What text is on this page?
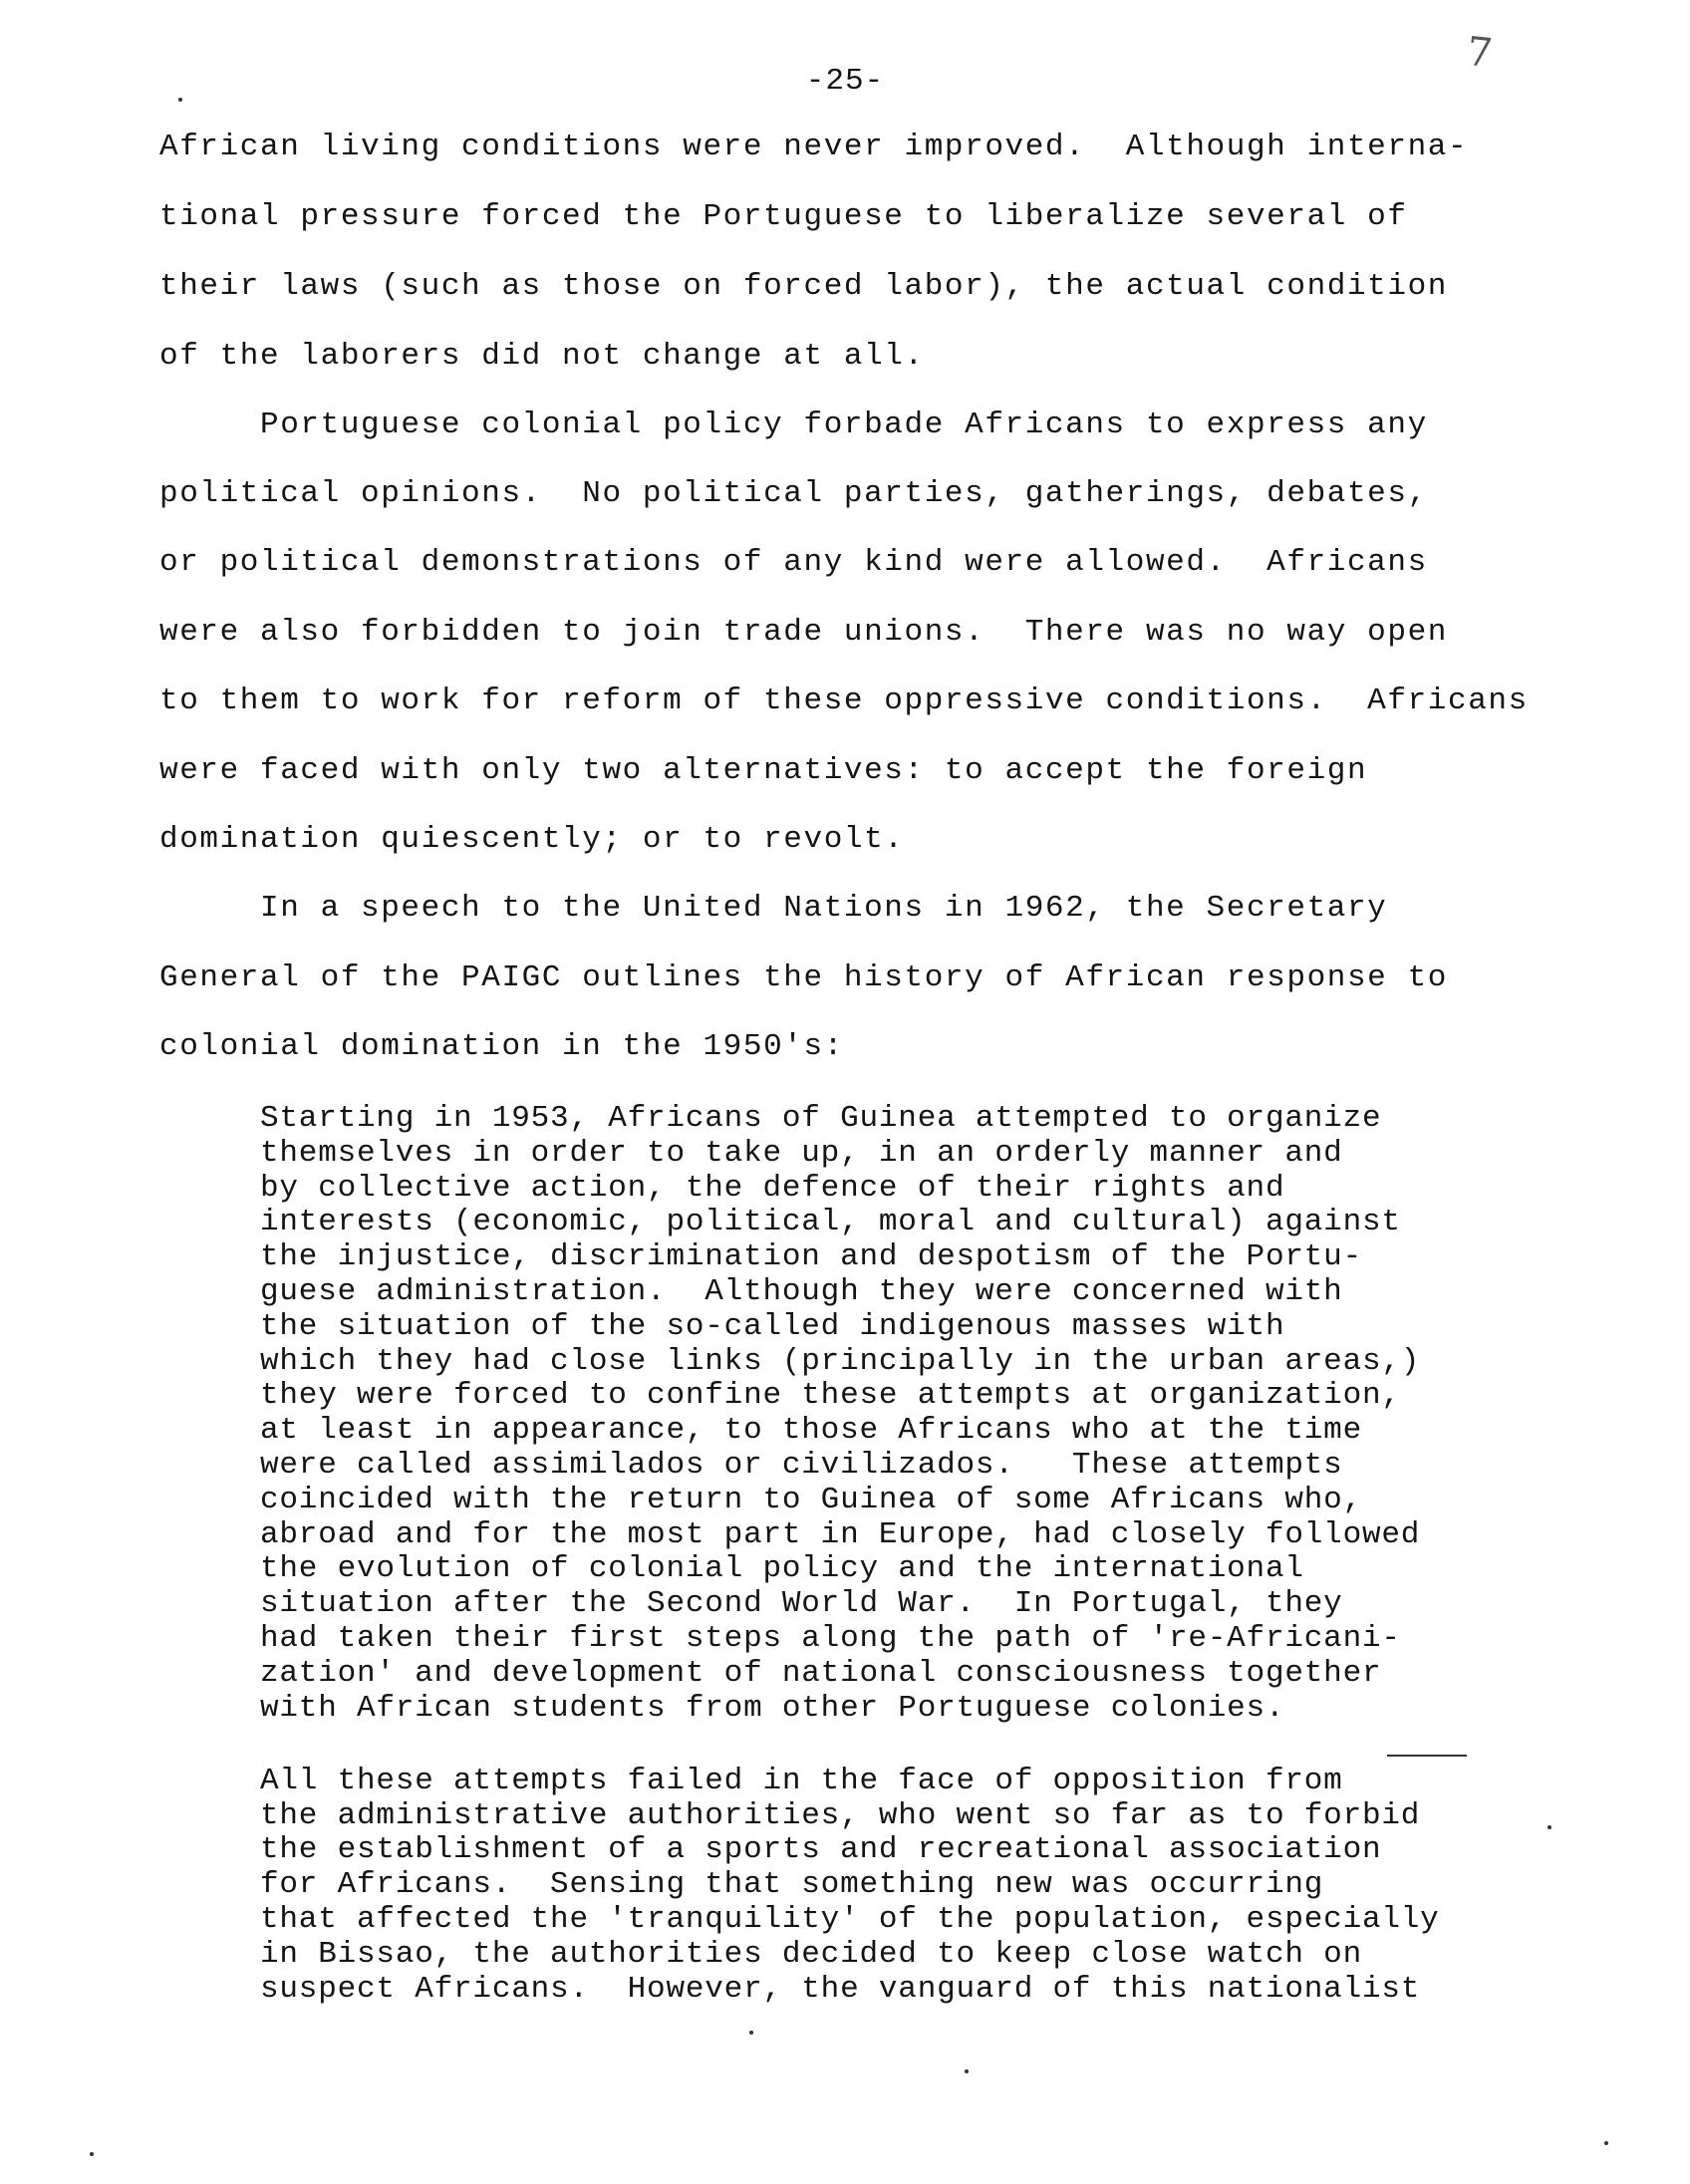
-25-
7
African living conditions were never improved.  Although interna-
tional pressure forced the Portuguese to liberalize several of
their laws (such as those on forced labor), the actual condition
of the laborers did not change at all.
Portuguese colonial policy forbade Africans to express any
political opinions.  No political parties, gatherings, debates,
or political demonstrations of any kind were allowed.  Africans
were also forbidden to join trade unions.  There was no way open
to them to work for reform of these oppressive conditions.  Africans
were faced with only two alternatives: to accept the foreign
domination quiescently; or to revolt.
In a speech to the United Nations in 1962, the Secretary
General of the PAIGC outlines the history of African response to
colonial domination in the 1950's:
Starting in 1953, Africans of Guinea attempted to organize
themselves in order to take up, in an orderly manner and
by collective action, the defence of their rights and
interests (economic, political, moral and cultural) against
the injustice, discrimination and despotism of the Portu-
guese administration.  Although they were concerned with
the situation of the so-called indigenous masses with
which they had close links (principally in the urban areas,)
they were forced to confine these attempts at organization,
at least in appearance, to those Africans who at the time
were called assimilados or civilizados.   These attempts
coincided with the return to Guinea of some Africans who,
abroad and for the most part in Europe, had closely followed
the evolution of colonial policy and the international
situation after the Second World War.  In Portugal, they
had taken their first steps along the path of 're-Africani-
zation' and development of national consciousness together
with African students from other Portuguese colonies.
All these attempts failed in the face of opposition from
the administrative authorities, who went so far as to forbid
the establishment of a sports and recreational association
for Africans.  Sensing that something new was occurring
that affected the 'tranquility' of the population, especially
in Bissao, the authorities decided to keep close watch on
suspect Africans.  However, the vanguard of this nationalist
